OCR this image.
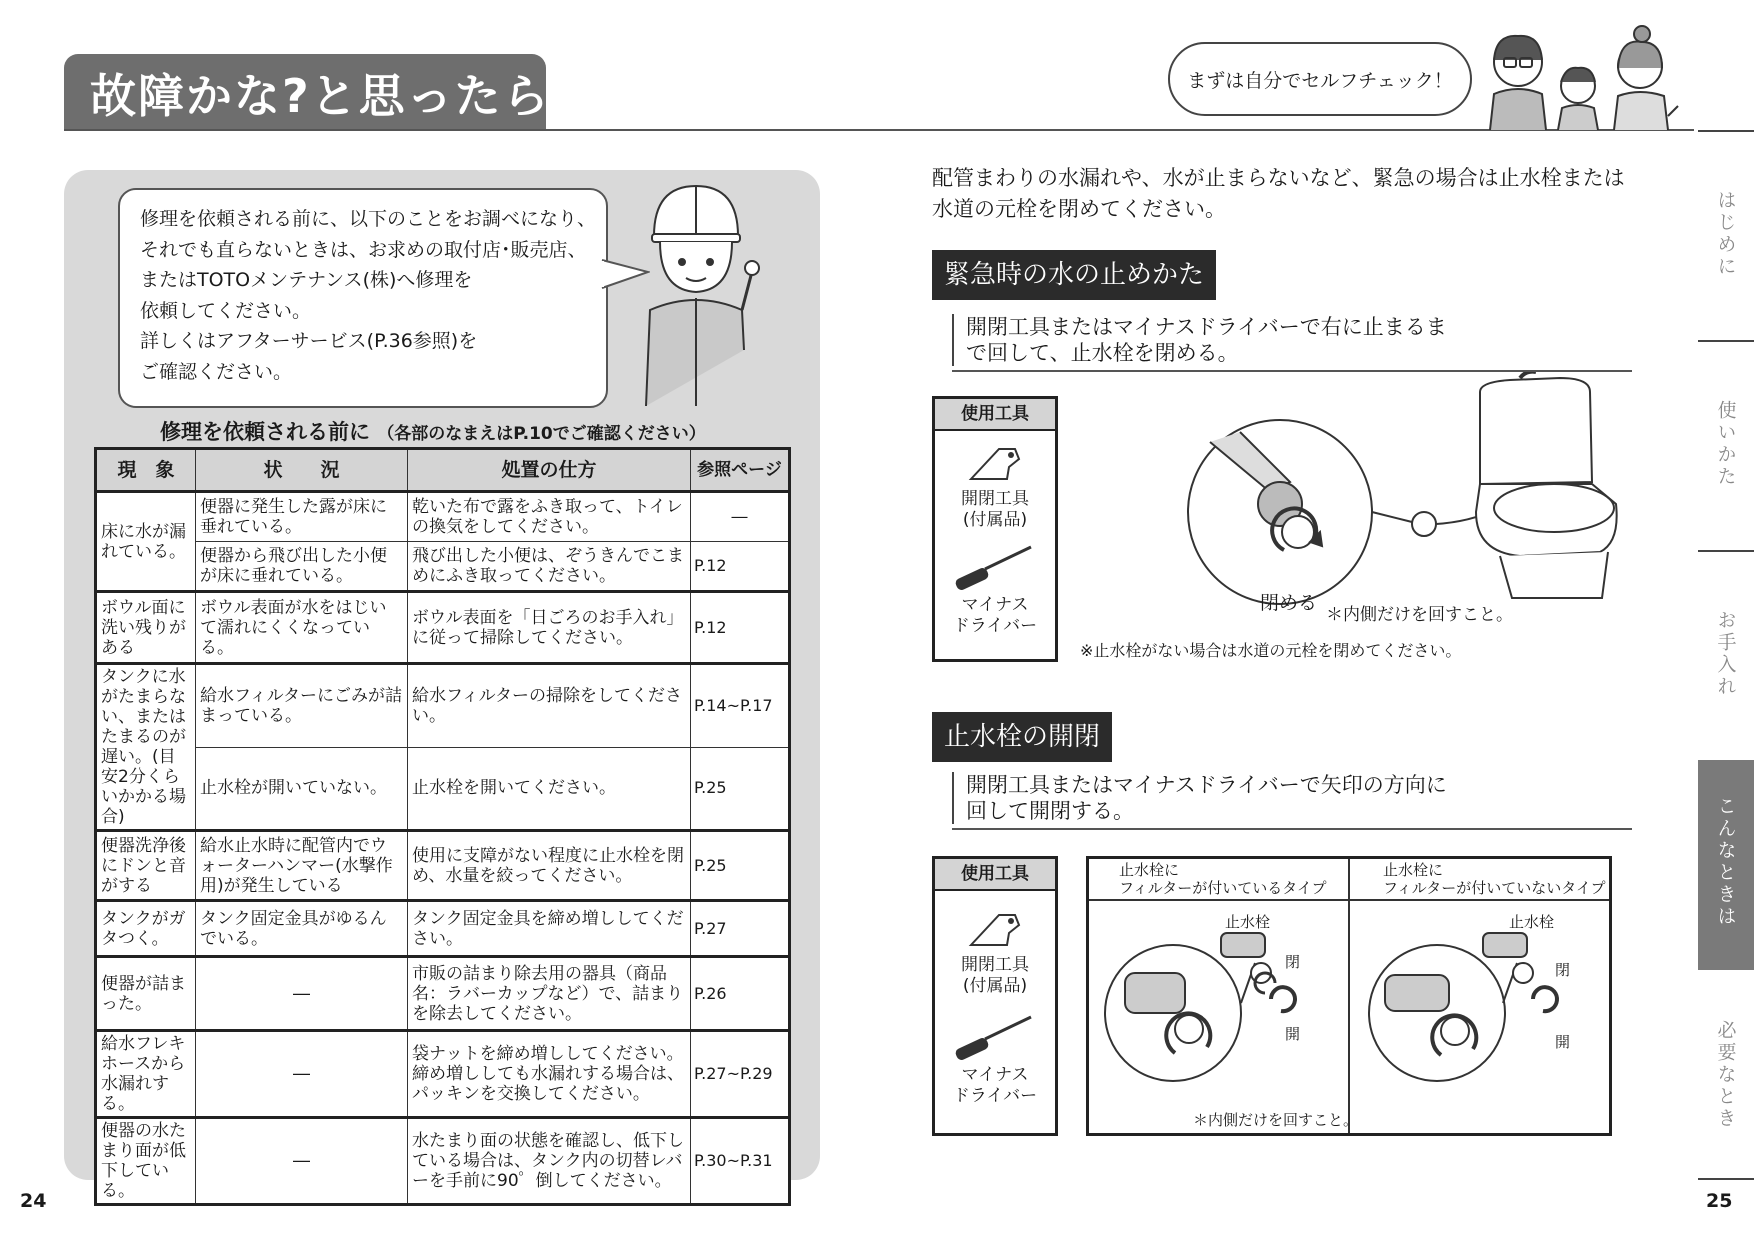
故障かな?と思ったら	まずは自分でセルフチェック！
修理を依頼される前に、以下のことをお調べになり、
それでも直らないときは、お求めの取付店･販売店、
またはTOTOメンテナンス(株)へ修理を
依頼してください。
詳しくはアフターサービス(P.36参照)を
ご確認ください。
修理を依頼される前に （各部のなまえはP.10でご確認ください）
現　象	状　　況	処置の仕方	参照ページ
床に水が漏れている。	便器に発生した露が床に垂れている。	乾いた布で露をふき取って、トイレの換気をしてください。	―
	便器から飛び出した小便が床に垂れている。	飛び出した小便は、ぞうきんでこまめにふき取ってください。	P.12
ボウル面に洗い残りがある	ボウル表面が水をはじいて濡れにくくなっている。	ボウル表面を「日ごろのお手入れ」に従って掃除してください。	P.12
タンクに水がたまらない、またはたまるのが遅い。(目安2分くらいかかる場合)	給水フィルターにごみが詰まっている。	給水フィルターの掃除をしてください。	P.14~P.17
	止水栓が開いていない。	止水栓を開いてください。	P.25
便器洗浄後にドンと音がする	給水止水時に配管内でウォーターハンマー(水撃作用)が発生している	使用に支障がない程度に止水栓を閉め、水量を絞ってください。	P.25
タンクがガタつく。	タンク固定金具がゆるんでいる。	タンク固定金具を締め増ししてください。	P.27
便器が詰まった。	―	市販の詰まり除去用の器具（商品名：ラバーカップなど）で、詰まりを除去してください。	P.26
給水フレキホースから水漏れする。	―	袋ナットを締め増ししてください。締め増ししても水漏れする場合は、パッキンを交換してください。	P.27~P.29
便器の水たまり面が低下している。	―	水たまり面の状態を確認し、低下している場合は、タンク内の切替レバーを手前に90゜倒してください。	P.30~P.31
24
配管まわりの水漏れや、水が止まらないなど、緊急の場合は止水栓または
水道の元栓を閉めてください。
緊急時の水の止めかた
開閉工具またはマイナスドライバーで右に止まるま
で回して、止水栓を閉める。
使用工具
開閉工具
(付属品)
マイナス
ドライバー
閉める
＊内側だけを回すこと。
※止水栓がない場合は水道の元栓を閉めてください。
止水栓の開閉
開閉工具またはマイナスドライバーで矢印の方向に
回して開閉する。
使用工具
開閉工具
(付属品)
マイナス
ドライバー
止水栓に
フィルターが付いているタイプ
止水栓に
フィルターが付いていないタイプ
止水栓
閉
開
止水栓
閉
開
＊内側だけを回すこと。
はじめに
使いかた
お手入れ
こんなときは
必要なとき
25
